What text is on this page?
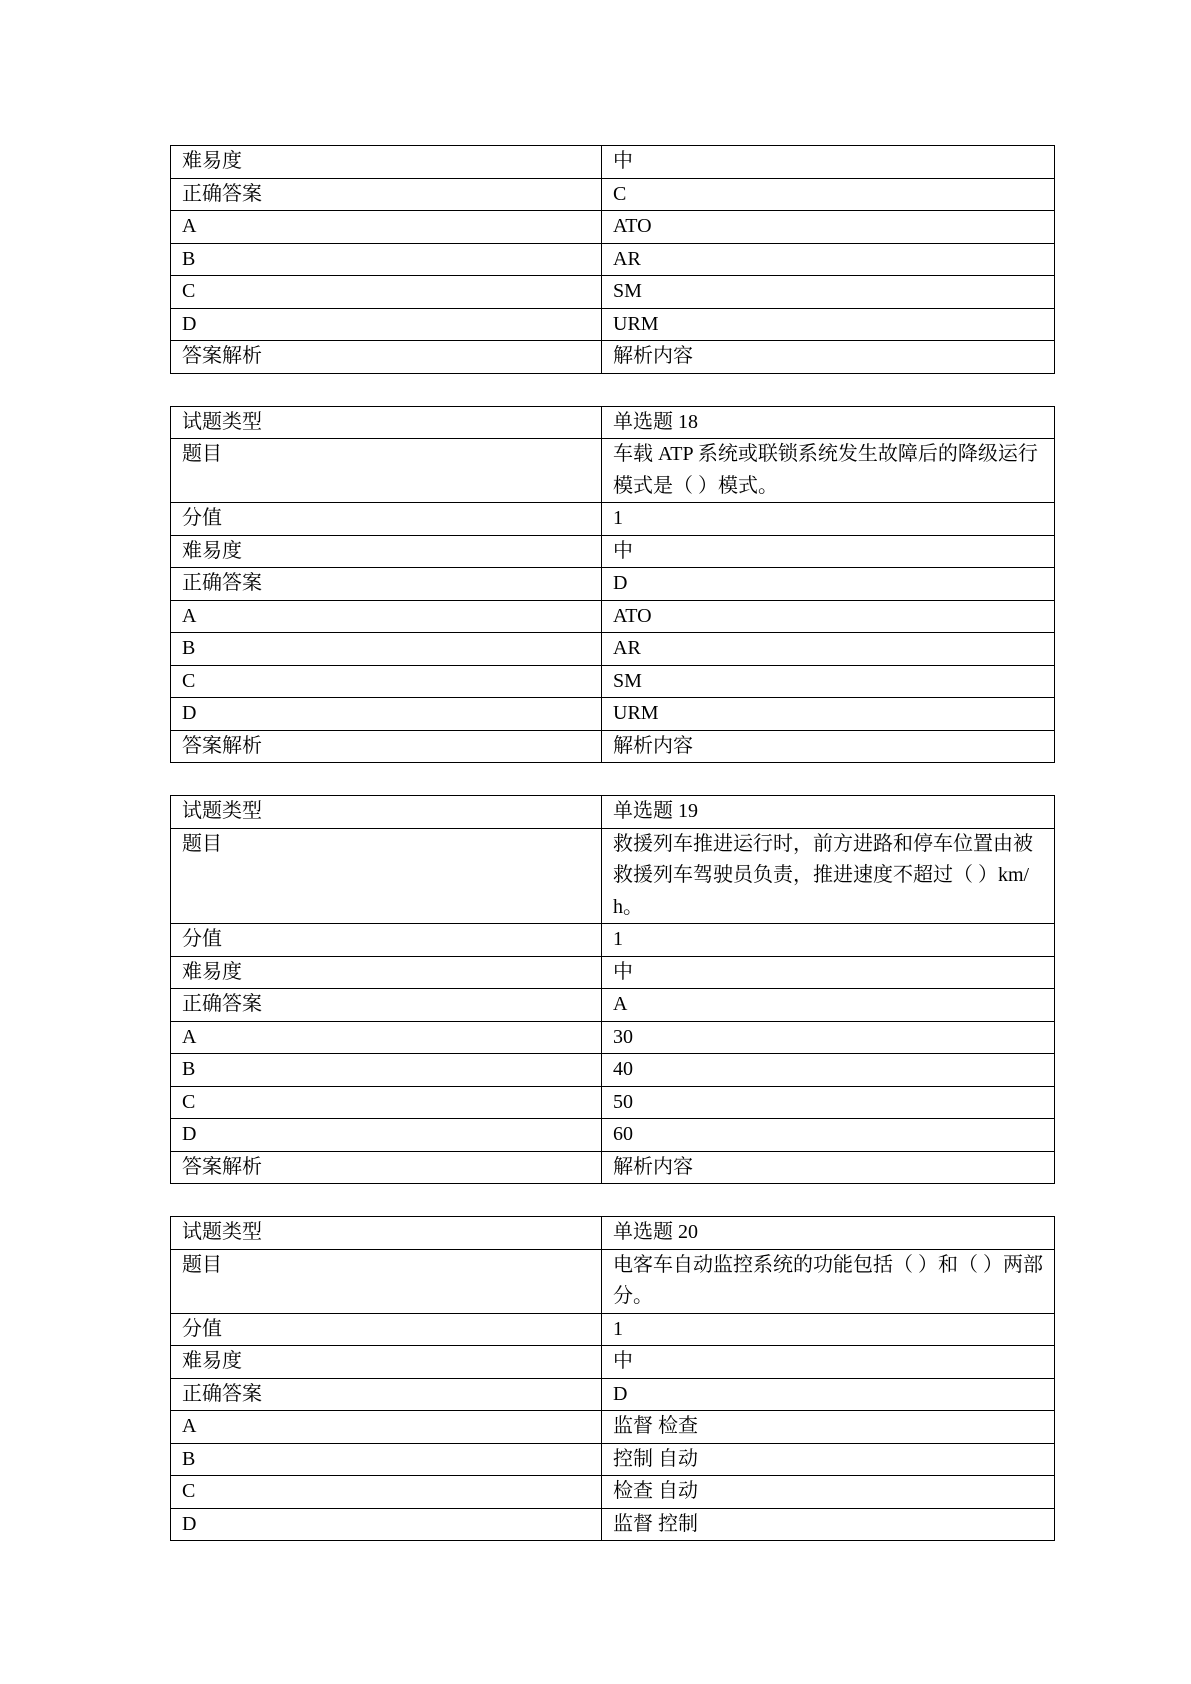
难易度	中
正确答案	C
A	ATO
B	AR
C	SM
D	URM
答案解析	解析内容
试题类型	单选题 18
题目	车载 ATP 系统或联锁系统发生故障后的降级运行模式是（ ）模式。
分值	1
难易度	中
正确答案	D
A	ATO
B	AR
C	SM
D	URM
答案解析	解析内容
试题类型	单选题 19
题目	救援列车推进运行时，前方进路和停车位置由被救援列车驾驶员负责，推进速度不超过（ ）km/h。
分值	1
难易度	中
正确答案	A
A	30
B	40
C	50
D	60
答案解析	解析内容
试题类型	单选题 20
题目	电客车自动监控系统的功能包括（ ）和（ ）两部分。
分值	1
难易度	中
正确答案	D
A	监督 检查
B	控制 自动
C	检查 自动
D	监督 控制
